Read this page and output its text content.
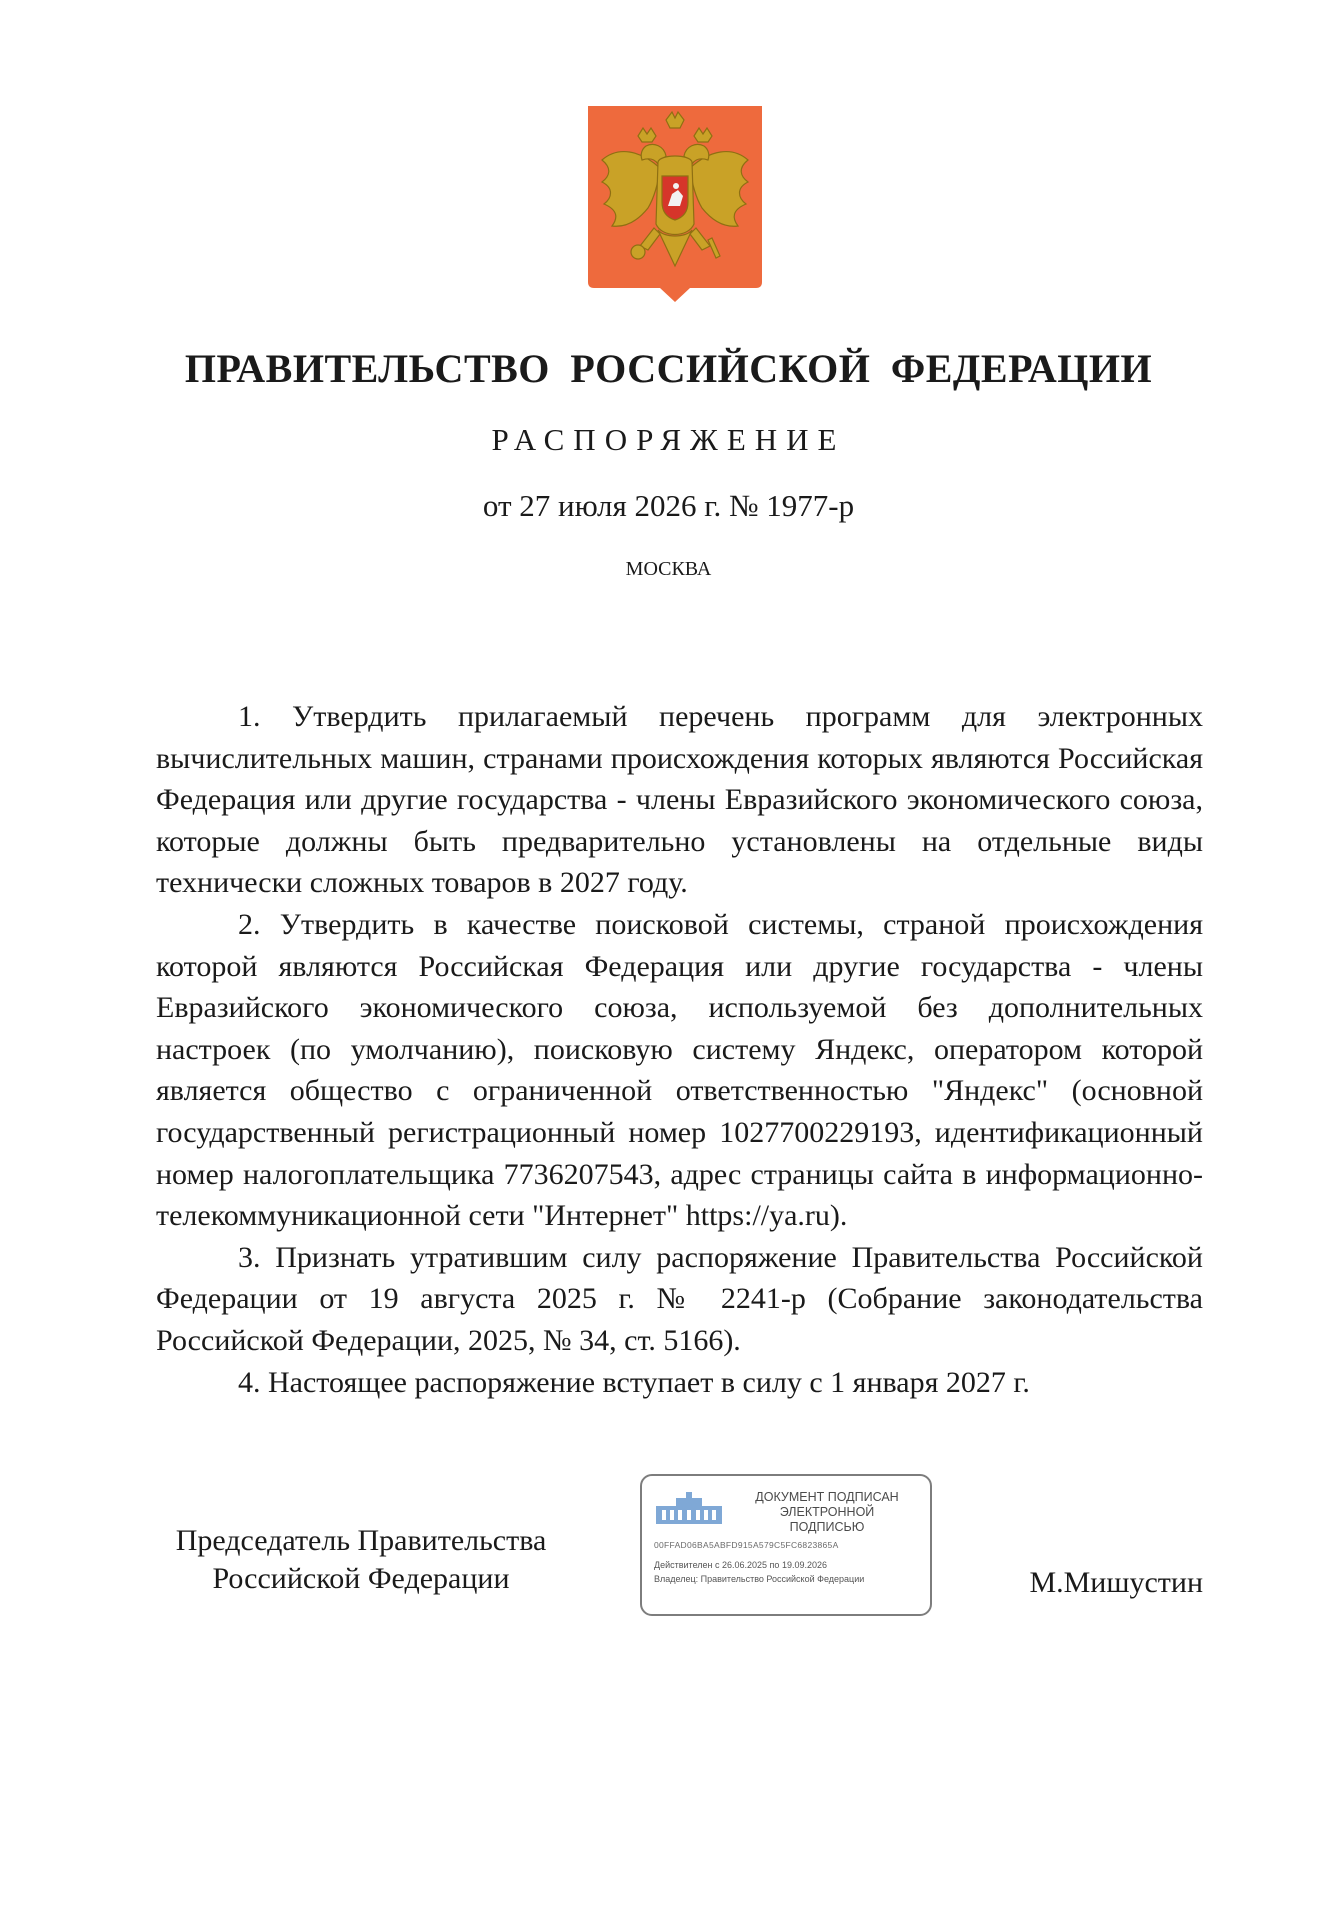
ПРАВИТЕЛЬСТВО РОССИЙСКОЙ ФЕДЕРАЦИИ

РАСПОРЯЖЕНИЕ

от 27 июля 2026 г. № 1977-р

МОСКВА

1. Утвердить прилагаемый перечень программ для электронных вычислительных машин, странами происхождения которых являются Российская Федерация или другие государства - члены Евразийского экономического союза, которые должны быть предварительно установлены на отдельные виды технически сложных товаров в 2027 году.

2. Утвердить в качестве поисковой системы, страной происхождения которой являются Российская Федерация или другие государства - члены Евразийского экономического союза, используемой без дополнительных настроек (по умолчанию), поисковую систему Яндекс, оператором которой является общество с ограниченной ответственностью "Яндекс" (основной государственный регистрационный номер 1027700229193, идентификационный номер налогоплательщика 7736207543, адрес страницы сайта в информационно-телекоммуникационной сети "Интернет" https://ya.ru).

3. Признать утратившим силу распоряжение Правительства Российской Федерации от 19 августа 2025 г. № 2241-р (Собрание законодательства Российской Федерации, 2025, № 34, ст. 5166).

4. Настоящее распоряжение вступает в силу с 1 января 2027 г.

Председатель Правительства
Российской Федерации
ДОКУМЕНТ ПОДПИСАН
ЭЛЕКТРОННОЙ ПОДПИСЬЮ

00FFAD06BA5ABFD915A579C5FC6823865A

Действителен с 26.06.2025 по 19.09.2026

Владелец: Правительство Российской Федерации	М.Мишустин
